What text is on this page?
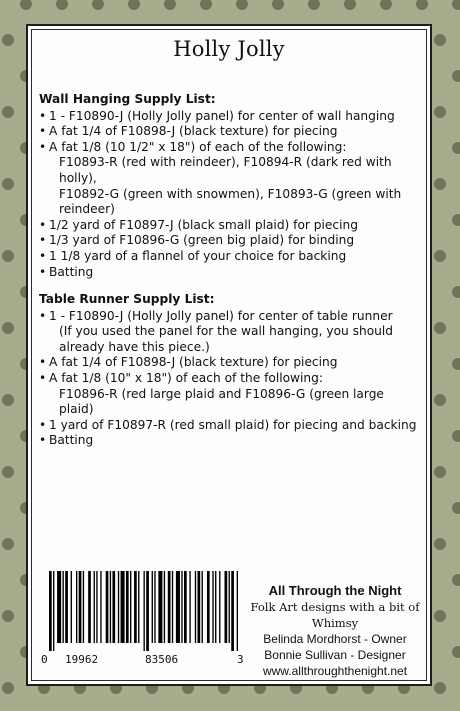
Holly Jolly
Wall Hanging Supply List:
• 1 - F10890-J (Holly Jolly panel) for center of wall hanging
• A fat 1/4 of F10898-J (black texture) for piecing
• A fat 1/8 (10 1/2" x 18") of each of the following:
F10893-R (red with reindeer), F10894-R (dark red with holly),
F10892-G (green with snowmen), F10893-G (green with
reindeer)
• 1/2 yard of F10897-J (black small plaid) for piecing
• 1/3 yard of F10896-G (green big plaid) for binding
• 1 1/8 yard of a flannel of your choice for backing
• Batting
Table Runner Supply List:
• 1 - F10890-J (Holly Jolly panel) for center of table runner
(If you used the panel for the wall hanging, you should
already have this piece.)
• A fat 1/4 of F10898-J (black texture) for piecing
• A fat 1/8 (10" x 18") of each of the following:
F10896-R (red large plaid and F10896-G (green large plaid)
• 1 yard of F10897-R (red small plaid) for piecing and backing
• Batting
0 19962	83506	3
All Through the Night
Folk Art designs with a bit of Whimsy
Belinda Mordhorst - Owner
Bonnie Sullivan - Designer
www.allthroughthenight.net
